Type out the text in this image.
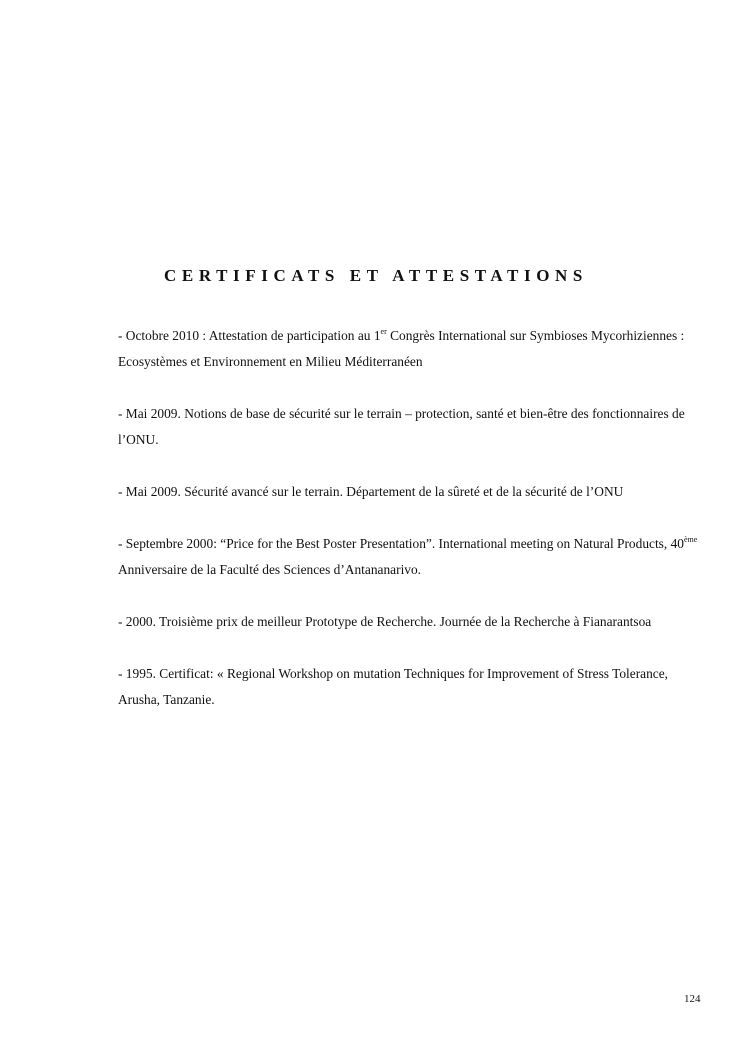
CERTIFICATS ET ATTESTATIONS
- Octobre 2010 : Attestation de participation au 1er Congrès International sur Symbioses Mycorhiziennes : Ecosystèmes et Environnement en Milieu Méditerranéen
- Mai 2009. Notions de base de sécurité sur le terrain – protection, santé et bien-être des fonctionnaires de l’ONU.
- Mai 2009. Sécurité avancé sur le terrain. Département de la sûreté et de la sécurité de l’ONU
- Septembre 2000: “Price for the Best Poster Presentation”. International meeting on Natural Products, 40ème Anniversaire de la Faculté des Sciences d’Antananarivo.
- 2000. Troisième prix de meilleur Prototype de Recherche. Journée de la Recherche à Fianarantsoa
- 1995. Certificat: « Regional Workshop on mutation Techniques for Improvement of Stress Tolerance, Arusha, Tanzanie.
124
